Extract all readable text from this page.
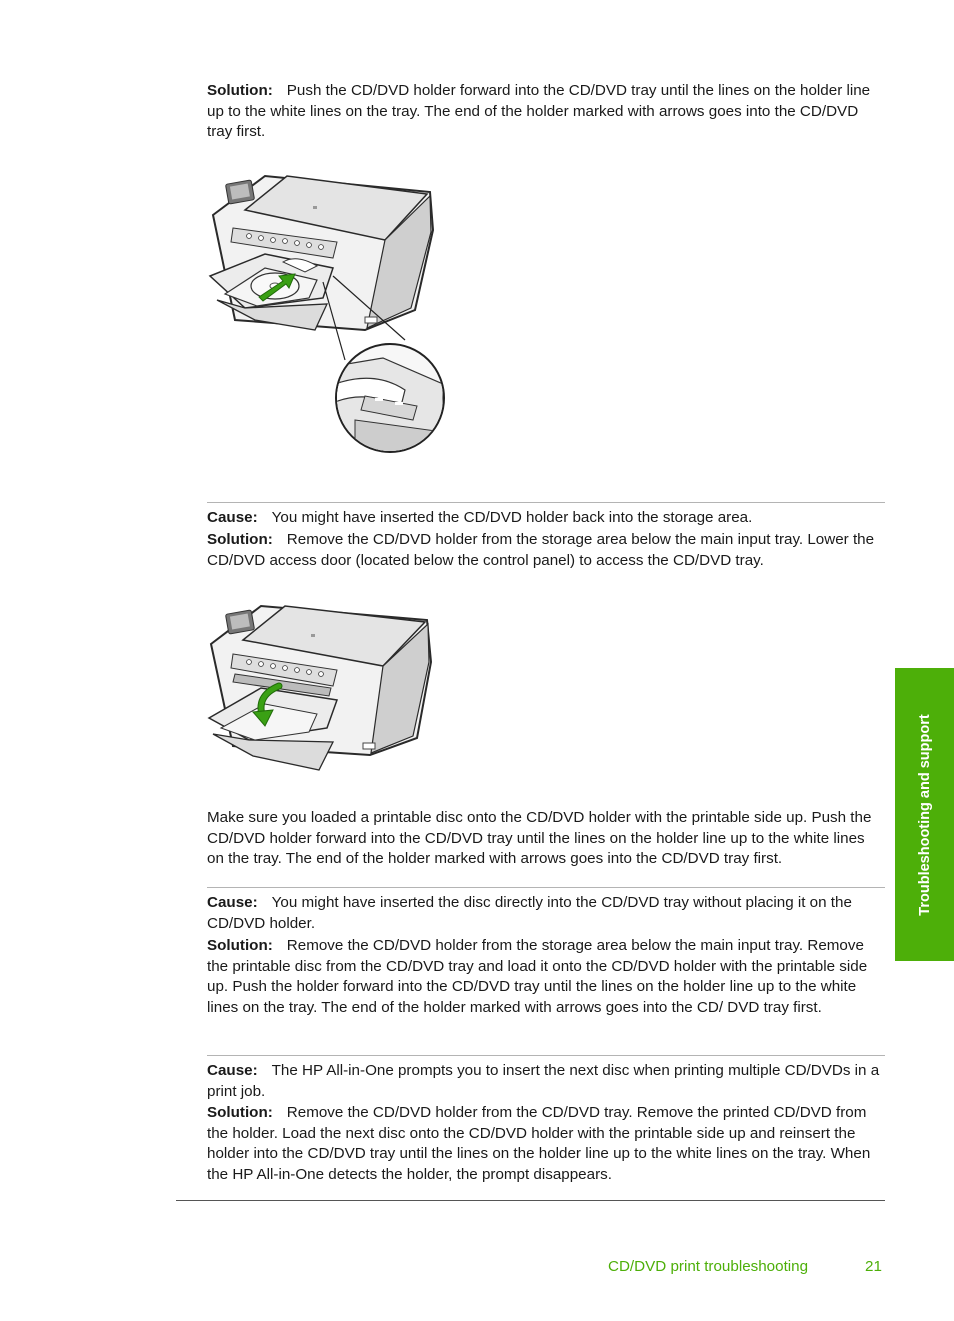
Solution: Push the CD/DVD holder forward into the CD/DVD tray until the lines on the holder line up to the white lines on the tray. The end of the holder marked with arrows goes into the CD/DVD tray first.

Cause: You might have inserted the CD/DVD holder back into the storage area.

Solution: Remove the CD/DVD holder from the storage area below the main input tray. Lower the CD/DVD access door (located below the control panel) to access the CD/DVD tray.

Make sure you loaded a printable disc onto the CD/DVD holder with the printable side up. Push the CD/DVD holder forward into the CD/DVD tray until the lines on the holder line up to the white lines on the tray. The end of the holder marked with arrows goes into the CD/DVD tray first.

Cause: You might have inserted the disc directly into the CD/DVD tray without placing it on the CD/DVD holder.

Solution: Remove the CD/DVD holder from the storage area below the main input tray. Remove the printable disc from the CD/DVD tray and load it onto the CD/DVD holder with the printable side up. Push the holder forward into the CD/DVD tray until the lines on the holder line up to the white lines on the tray. The end of the holder marked with arrows goes into the CD/ DVD tray first.

Cause: The HP All-in-One prompts you to insert the next disc when printing multiple CD/DVDs in a print job.

Solution: Remove the CD/DVD holder from the CD/DVD tray. Remove the printed CD/DVD from the holder. Load the next disc onto the CD/DVD holder with the printable side up and reinsert the holder into the CD/DVD tray until the lines on the holder line up to the white lines on the tray. When the HP All-in-One detects the holder, the prompt disappears.

Troubleshooting and support
CD/DVD print troubleshooting	21
